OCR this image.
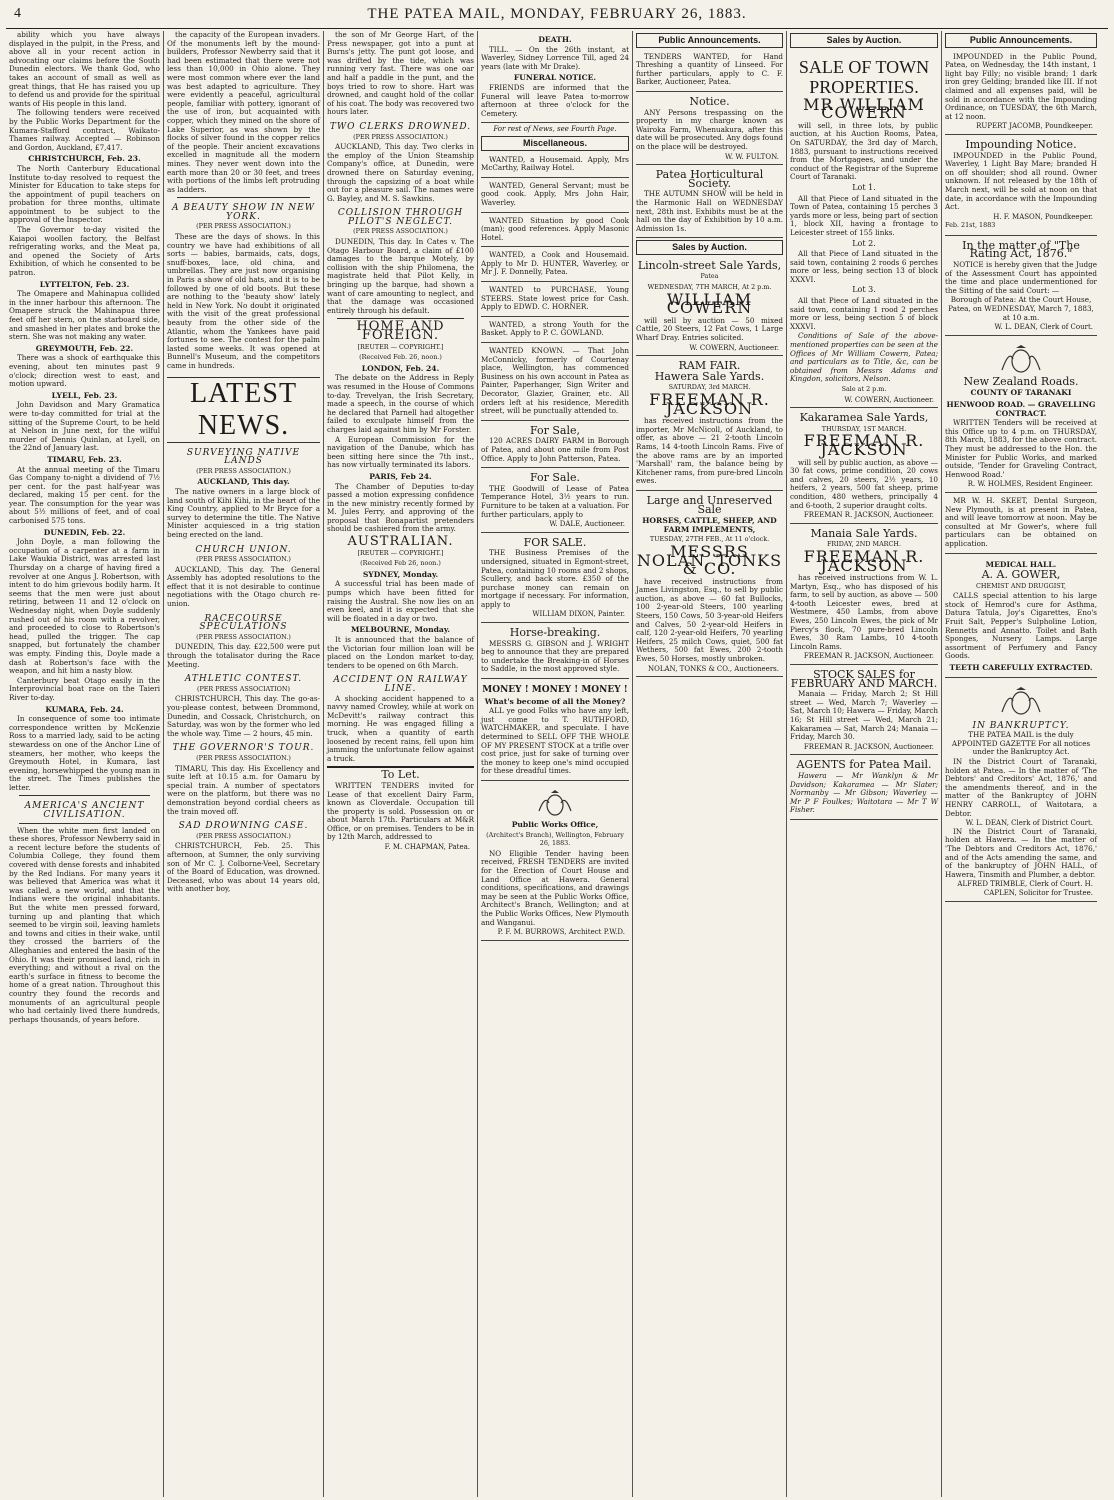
4	THE PATEA MAIL, MONDAY, FEBRUARY 26, 1883.

ability which you have always displayed in the pulpit, in the Press, and above all in your recent action in advocating our claims before the South Dunedin electors. We thank God, who takes an account of small as well as great things, that He has raised you up to defend us and provide for the spiritual wants of His people in this land.

The following tenders were received by the Public Works Department for the Kumara-Stafford contract, Waikato-Thames railway. Accepted — Robinson and Gordon, Auckland, £7,417.

CHRISTCHURCH, Feb. 23.

The North Canterbury Educational Institute to-day resolved to request the Minister for Education to take steps for the appointment of pupil teachers on probation for three months, ultimate appointment to be subject to the approval of the Inspector.

The Governor to-day visited the Kaiapoi woollen factory, the Belfast refrigerating works, and the Meat pa, and opened the Society of Arts Exhibition, of which he consented to be patron.

LYTTELTON, Feb. 23.

The Omapere and Mahinapua collided in the inner harbour this afternoon. The Omapere struck the Mahinapua three feet off her stern, on the starboard side, and smashed in her plates and broke the stern. She was not making any water.

GREYMOUTH, Feb. 22.

There was a shock of earthquake this evening, about ten minutes past 9 o'clock; direction west to east, and motion upward.

LYELL, Feb. 23.

John Davidson and Mary Gramatica were to-day committed for trial at the sitting of the Supreme Court, to be held at Nelson in June next, for the wilful murder of Dennis Quinlan, at Lyell, on the 22nd of January last.

TIMARU, Feb. 23.

At the annual meeting of the Timaru Gas Company to-night a dividend of 7½ per cent. for the past half-year was declared, making 15 per cent. for the year. The consumption for the year was about 5½ millions of feet, and of coal carbonised 575 tons.

DUNEDIN, Feb. 22.

John Doyle, a man following the occupation of a carpenter at a farm in Lake Waukia District, was arrested last Thursday on a charge of having fired a revolver at one Angus J. Robertson, with intent to do him grievous bodily harm. It seems that the men were just about retiring, between 11 and 12 o'clock on Wednesday night, when Doyle suddenly rushed out of his room with a revolver, and proceeded to close to Robertson's head, pulled the trigger. The cap snapped, but fortunately the chamber was empty. Finding this, Doyle made a dash at Robertson's face with the weapon, and hit him a nasty blow.

Canterbury beat Otago easily in the Interprovincial boat race on the Taieri River to-day.

KUMARA, Feb. 24.

In consequence of some too intimate correspondence written by McKenzie Ross to a married lady, said to be acting stewardess on one of the Anchor Line of steamers, her mother, who keeps the Greymouth Hotel, in Kumara, last evening, horsewhipped the young man in the street. The Times publishes the letter.

AMERICA'S ANCIENT CIVILISATION.

When the white men first landed on these shores, Professor Newberry said in a recent lecture before the students of Columbia College, they found them covered with dense forests and inhabited by the Red Indians. For many years it was believed that America was what it was called, a new world, and that the Indians were the original inhabitants. But the white men pressed forward, turning up and planting that which seemed to be virgin soil, leaving hamlets and towns and cities in their wake, until they crossed the barriers of the Alleghanies and entered the basin of the Ohio. It was their promised land, rich in everything; and without a rival on the earth's surface in fitness to become the home of a great nation. Throughout this country they found the records and monuments of an agricultural people who had certainly lived there hundreds, perhaps thousands, of years before.

the capacity of the European invaders. Of the monuments left by the mound-builders, Professor Newberry said that it had been estimated that there were not less than 10,000 in Ohio alone. They were most common where ever the land was best adapted to agriculture. They were evidently a peaceful, agricultural people, familiar with pottery, ignorant of the use of iron, but acquainted with copper, which they mined on the shore of Lake Superior, as was shown by the flocks of silver found in the copper relics of the people. Their ancient excavations excelled in magnitude all the modern mines. They never went down into the earth more than 20 or 30 feet, and trees with portions of the limbs left protruding as ladders.

A BEAUTY SHOW IN NEW YORK.
(PER PRESS ASSOCIATION.)

These are the days of shows. In this country we have had exhibitions of all sorts — babies, barmaids, cats, dogs, snuff-boxes, lace, old china, and umbrellas. They are just now organising in Paris a show of old hats, and it is to be followed by one of old boots. But these are nothing to the 'beauty show' lately held in New York. No doubt it originated with the visit of the great professional beauty from the other side of the Atlantic, whom the Yankees have paid fortunes to see. The contest for the palm lasted some weeks. It was opened at Bunnell's Museum, and the competitors came in hundreds.

LATEST NEWS.
SURVEYING NATIVE LANDS
(PER PRESS ASSOCIATION.)
AUCKLAND, This day.

The native owners in a large block of land south of Kihi Kihi, in the heart of the King Country, applied to Mr Bryce for a survey to determine the title. The Native Minister acquiesced in a trig station being erected on the land.

CHURCH UNION.
(PER PRESS ASSOCIATION.)

AUCKLAND, This day. The General Assembly has adopted resolutions to the effect that it is not desirable to continue negotiations with the Otago church re-union.

RACECOURSE SPECULATIONS
(PER PRESS ASSOCIATION.)

DUNEDIN, This day. £22,500 were put through the totalisator during the Race Meeting.

ATHLETIC CONTEST.
(PER PRESS ASSOCIATION)

CHRISTCHURCH, This day. The go-as-you-please contest, between Drommond, Dunedin, and Cossack, Christchurch, on Saturday, was won by the former who led the whole way. Time — 2 hours, 45 min.

THE GOVERNOR'S TOUR.
(PER PRESS ASSOCIATION.)

TIMARU, This day. His Excellency and suite left at 10.15 a.m. for Oamaru by special train. A number of spectators were on the platform, but there was no demonstration beyond cordial cheers as the train moved off.

SAD DROWNING CASE.
(PER PRESS ASSOCIATION.)

CHRISTCHURCH, Feb. 25. This afternoon, at Sumner, the only surviving son of Mr C. J. Colborne-Veel, Secretary of the Board of Education, was drowned. Deceased, who was about 14 years old, with another boy,

the son of Mr George Hart, of the Press newspaper, got into a punt at Burns's jetty. The punt got loose, and was drifted by the tide, which was running very fast. There was one oar and half a paddle in the punt, and the boys tried to row to shore. Hart was drowned, and caught hold of the collar of his coat. The body was recovered two hours later.

TWO CLERKS DROWNED.
(PER PRESS ASSOCIATION.)

AUCKLAND, This day. Two clerks in the employ of the Union Steamship Company's office, at Dunedin, were drowned there on Saturday evening, through the capsizing of a boat while out for a pleasure sail. The names were G. Bayley, and M. S. Sawkins.

COLLISION THROUGH PILOT'S NEGLECT.
(PER PRESS ASSOCIATION.)

DUNEDIN, This day. In Cates v. The Otago Harbour Board, a claim of £100 damages to the barque Motely, by collision with the ship Philomena, the magistrate held that Pilot Kelly, in bringing up the barque, had shown a want of care amounting to neglect, and that the damage was occasioned entirely through his default.

HOME AND FOREIGN.
[REUTER — COPYRIGHT.]
(Received Feb. 26, noon.)
LONDON, Feb. 24.

The debate on the Address in Reply was resumed in the House of Commons to-day. Trevelyan, the Irish Secretary, made a speech, in the course of which he declared that Parnell had altogether failed to exculpate himself from the charges laid against him by Mr Forster.

A European Commission for the navigation of the Danube, which has been sitting here since the 7th inst., has now virtually terminated its labors.

PARIS, Feb 24.

The Chamber of Deputies to-day passed a motion expressing confidence in the new ministry recently formed by M. Jules Ferry, and approving of the proposal that Bonapartist pretenders should be cashiered from the army.

AUSTRALIAN.
[REUTER — COPYRIGHT.]
(Received Feb 26, noon.)
SYDNEY, Monday.

A successful trial has been made of pumps which have been fitted for raising the Austral. She now lies on an even keel, and it is expected that she will be floated in a day or two.

MELBOURNE, Monday.

It is announced that the balance of the Victorian four million loan will be placed on the London market to-day, tenders to be opened on 6th March.

ACCIDENT ON RAILWAY LINE.

A shocking accident happened to a navvy named Crowley, while at work on McDevitt's railway contract this morning. He was engaged filling a truck, when a quantity of earth loosened by recent rains, fell upon him jamming the unfortunate fellow against a truck.

To Let.

WRITTEN TENDERS invited for Lease of that excellent Dairy Farm, known as Cloverdale. Occupation till the property is sold. Possession on or about March 17th. Particulars at M&R Office, or on premises. Tenders to be in by 12th March, addressed to

F. M. CHAPMAN, Patea.
DEATH.

TILL. — On the 26th instant, at Waverley, Sidney Lorrence Till, aged 24 years (late with Mr Drake).

FUNERAL NOTICE.

FRIENDS are informed that the Funeral will leave Patea to-morrow afternoon at three o'clock for the Cemetery.

For rest of News, see Fourth Page.
Miscellaneous.

WANTED, a Housemaid. Apply, Mrs McCarthy, Railway Hotel.

WANTED, General Servant; must be good cook. Apply, Mrs John Hair, Waverley.

WANTED Situation by good Cook (man); good references. Apply Masonic Hotel.

WANTED, a Cook and Housemaid. Apply to Mr D. HUNTER, Waverley, or Mr J. F. Donnelly, Patea.

WANTED to PURCHASE, Young STEERS. State lowest price for Cash. Apply to EDWD. C. HORNER.

WANTED, a strong Youth for the Basket. Apply to P. C. GOWLAND.

WANTED KNOWN. — That John McConnicky, formerly of Courtenay place, Wellington, has commenced Business on his own account in Patea as Painter, Paperhanger, Sign Writer and Decorator, Glazier, Grainer, etc. All orders left at his residence, Meredith street, will be punctually attended to.

For Sale,

120 ACRES DAIRY FARM in Borough of Patea, and about one mile from Post Office. Apply to John Patterson, Patea.

For Sale.

THE Goodwill of Lease of Patea Temperance Hotel, 3½ years to run. Furniture to be taken at a valuation. For further particulars, apply to

W. DALE, Auctioneer.
FOR SALE.

THE Business Premises of the undersigned, situated in Egmont-street, Patea, containing 10 rooms and 2 shops, Scullery, and back store. £350 of the purchase money can remain on mortgage if necessary. For information, apply to

WILLIAM DIXON, Painter.
Horse-breaking.

MESSRS G. GIBSON and J. WRIGHT beg to announce that they are prepared to undertake the Breaking-in of Horses to Saddle, in the most approved style.

MONEY ! MONEY ! MONEY !
What's become of all the Money?

ALL ye good Folks who have any left, just come to T. RUTHFORD, WATCHMAKER, and speculate. I have determined to SELL OFF THE WHOLE OF MY PRESENT STOCK at a trifle over cost price, just for sake of turning over the money to keep one's mind occupied for these dreadful times.

Public Works Office,
(Architect's Branch), Wellington, February 26, 1883.

NO Eligible Tender having been received, FRESH TENDERS are invited for the Erection of Court House and Land Office at Hawera. General conditions, specifications, and drawings may be seen at the Public Works Office, Architect's Branch, Wellington; and at the Public Works Offices, New Plymouth and Wanganui.

P. F. M. BURROWS, Architect P.W.D.
Public Announcements.

TENDERS WANTED, for Hand Threshing a quantity of Linseed. For further particulars, apply to C. F. Barker, Auctioneer, Patea.

Notice.

ANY Persons trespassing on the property in my charge known as Wairoka Farm, Whenuakura, after this date will be prosecuted. Any dogs found on the place will be destroyed.

W. W. FULTON.
Patea Horticultural Society.

THE AUTUMN SHOW will be held in the Harmonic Hall on WEDNESDAY next, 28th inst. Exhibits must be at the hall on the day of Exhibition by 10 a.m. Admission 1s.

Sales by Auction.
Lincoln-street Sale Yards,
Patea
WEDNESDAY, 7TH MARCH, At 2 p.m.
WILLIAM COWERN

will sell by auction — 50 mixed Cattle, 20 Steers, 12 Fat Cows, 1 Large Wharf Dray. Entries solicited.

W. COWERN, Auctioneer.
RAM FAIR.
Hawera Sale Yards.
SATURDAY, 3rd MARCH.
FREEMAN R. JACKSON

has received instructions from the importer, Mr McNicoll, of Auckland, to offer, as above — 21 2-tooth Lincoln Rams, 14 4-tooth Lincoln Rams. Five of the above rams are by an imported 'Marshall' ram, the balance being by Kitchener rams, from pure-bred Lincoln ewes.

Large and Unreserved Sale
HORSES, CATTLE, SHEEP, AND FARM IMPLEMENTS,
TUESDAY, 27TH FEB., At 11 o'clock.
MESSRS NOLAN, TONKS & CO.

have received instructions from James Livingston, Esq., to sell by public auction, as above — 60 fat Bullocks, 100 2-year-old Steers, 100 yearling Steers, 150 Cows, 50 3-year-old Heifers and Calves, 50 2-year-old Heifers in calf, 120 2-year-old Heifers, 70 yearling Heifers, 25 milch Cows, quiet, 500 fat Wethers, 500 fat Ewes, 200 2-tooth Ewes, 50 Horses, mostly unbroken.

NOLAN, TONKS & CO., Auctioneers.
Sales by Auction.
SALE OF TOWN PROPERTIES.
MR WILLIAM COWERN

will sell, in three lots, by public auction, at his Auction Rooms, Patea, On SATURDAY, the 3rd day of March, 1883, pursuant to instructions received from the Mortgagees, and under the conduct of the Registrar of the Supreme Court of Taranaki.

Lot 1.

All that Piece of Land situated in the Town of Patea, containing 15 perches 3 yards more or less, being part of section 1, block XII, having a frontage to Leicester street of 155 links.

Lot 2.

All that Piece of Land situated in the said town, containing 2 roods 6 perches more or less, being section 13 of block XXXVI.

Lot 3.

All that Piece of Land situated in the said town, containing 1 rood 2 perches more or less, being section 5 of block XXXVI.

Conditions of Sale of the above-mentioned properties can be seen at the Offices of Mr William Cowern, Patea; and particulars as to Title, &c, can be obtained from Messrs Adams and Kingdon, solicitors, Nelson.

Sale at 2 p.m.
W. COWERN, Auctioneer.
Kakaramea Sale Yards,
THURSDAY, 1ST MARCH.
FREEMAN R. JACKSON

will sell by public auction, as above — 30 fat cows, prime condition, 20 cows and calves, 20 steers, 2½ years, 10 heifers, 2 years, 500 fat sheep, prime condition, 480 wethers, principally 4 and 6-tooth, 2 superior draught colts.

FREEMAN R. JACKSON, Auctioneer.
Manaia Sale Yards.
FRIDAY, 2ND MARCH.
FREEMAN R. JACKSON

has received instructions from W. L. Martyn, Esq., who has disposed of his farm, to sell by auction, as above — 500 4-tooth Leicester ewes, bred at Westmere, 450 Lambs, from above Ewes, 250 Lincoln Ewes, the pick of Mr Piercy's flock, 70 pure-bred Lincoln Ewes, 30 Ram Lambs, 10 4-tooth Lincoln Rams.

FREEMAN R. JACKSON, Auctioneer.
STOCK SALES for FEBRUARY AND MARCH.

Manaia — Friday, March 2; St Hill street — Wed, March 7; Waverley — Sat, March 10; Hawera — Friday, March 16; St Hill street — Wed, March 21; Kakaramea — Sat, March 24; Manaia — Friday, March 30.

FREEMAN R. JACKSON, Auctioneer.
AGENTS for Patea Mail.

Hawera — Mr Wanklyn & Mr Davidson; Kakaramea — Mr Slater; Normanby — Mr Gibson; Waverley — Mr P F Foulkes; Waitotara — Mr T W Fisher.

Public Announcements.

IMPOUNDED in the Public Pound, Patea, on Wednesday, the 14th instant, 1 light bay Filly; no visible brand; 1 dark iron grey Gelding; branded like III. If not claimed and all expenses paid, will be sold in accordance with the Impounding Ordinance, on TUESDAY, the 6th March, at 12 noon.

RUPERT JACOMB, Poundkeeper.
Impounding Notice.

IMPOUNDED in the Public Pound, Waverley, 1 Light Bay Mare; branded H on off shoulder; shod all round. Owner unknown. If not released by the 18th of March next, will be sold at noon on that date, in accordance with the Impounding Act.

H. F. MASON, Poundkeeper.
Feb. 21st, 1883
In the matter of "The Rating Act, 1876."

NOTICE is hereby given that the Judge of the Assessment Court has appointed the time and place undermentioned for the Sitting of the said Court: —

Borough of Patea: At the Court House, Patea, on WEDNESDAY, March 7, 1883, at 10 a.m.

W. L. DEAN, Clerk of Court.
New Zealand Roads.
COUNTY OF TARANAKI
HENWOOD ROAD. — GRAVELLING CONTRACT.

WRITTEN Tenders will be received at this Office up to 4 p.m. on THURSDAY, 8th March, 1883, for the above contract. They must be addressed to the Hon. the Minister for Public Works, and marked outside, 'Tender for Graveling Contract, Henwood Road.'

R. W. HOLMES, Resident Engineer.

MR W. H. SKEET, Dental Surgeon, New Plymouth, is at present in Patea, and will leave tomorrow at noon. May be consulted at Mr Gower's, where full particulars can be obtained on application.

MEDICAL HALL.
A. A. GOWER,
CHEMIST AND DRUGGIST,

CALLS special attention to his large stock of Hemrod's cure for Asthma, Datura Tatula, Joy's Cigarettes, Eno's Fruit Salt, Pepper's Sulpholine Lotion, Rennetts and Annatto. Toilet and Bath Sponges, Nursery Lamps. Large assortment of Perfumery and Fancy Goods.

TEETH CAREFULLY EXTRACTED.
IN BANKRUPTCY.

THE PATEA MAIL is the duly APPOINTED GAZETTE For all notices under the Bankruptcy Act.

IN the District Court of Taranaki, holden at Patea. — In the matter of 'The Debtors' and Creditors' Act, 1876,' and the amendments thereof, and in the matter of the Bankruptcy of JOHN HENRY CARROLL, of Waitotara, a Debtor.

W. L. DEAN, Clerk of District Court.

IN the District Court of Taranaki, holden at Hawera. — In the matter of 'The Debtors and Creditors Act, 1876,' and of the Acts amending the same, and of the bankruptcy of JOHN HALL, of Hawera, Tinsmith and Plumber, a debtor.

ALFRED TRIMBLE, Clerk of Court. H. CAPLEN, Solicitor for Trustee.
